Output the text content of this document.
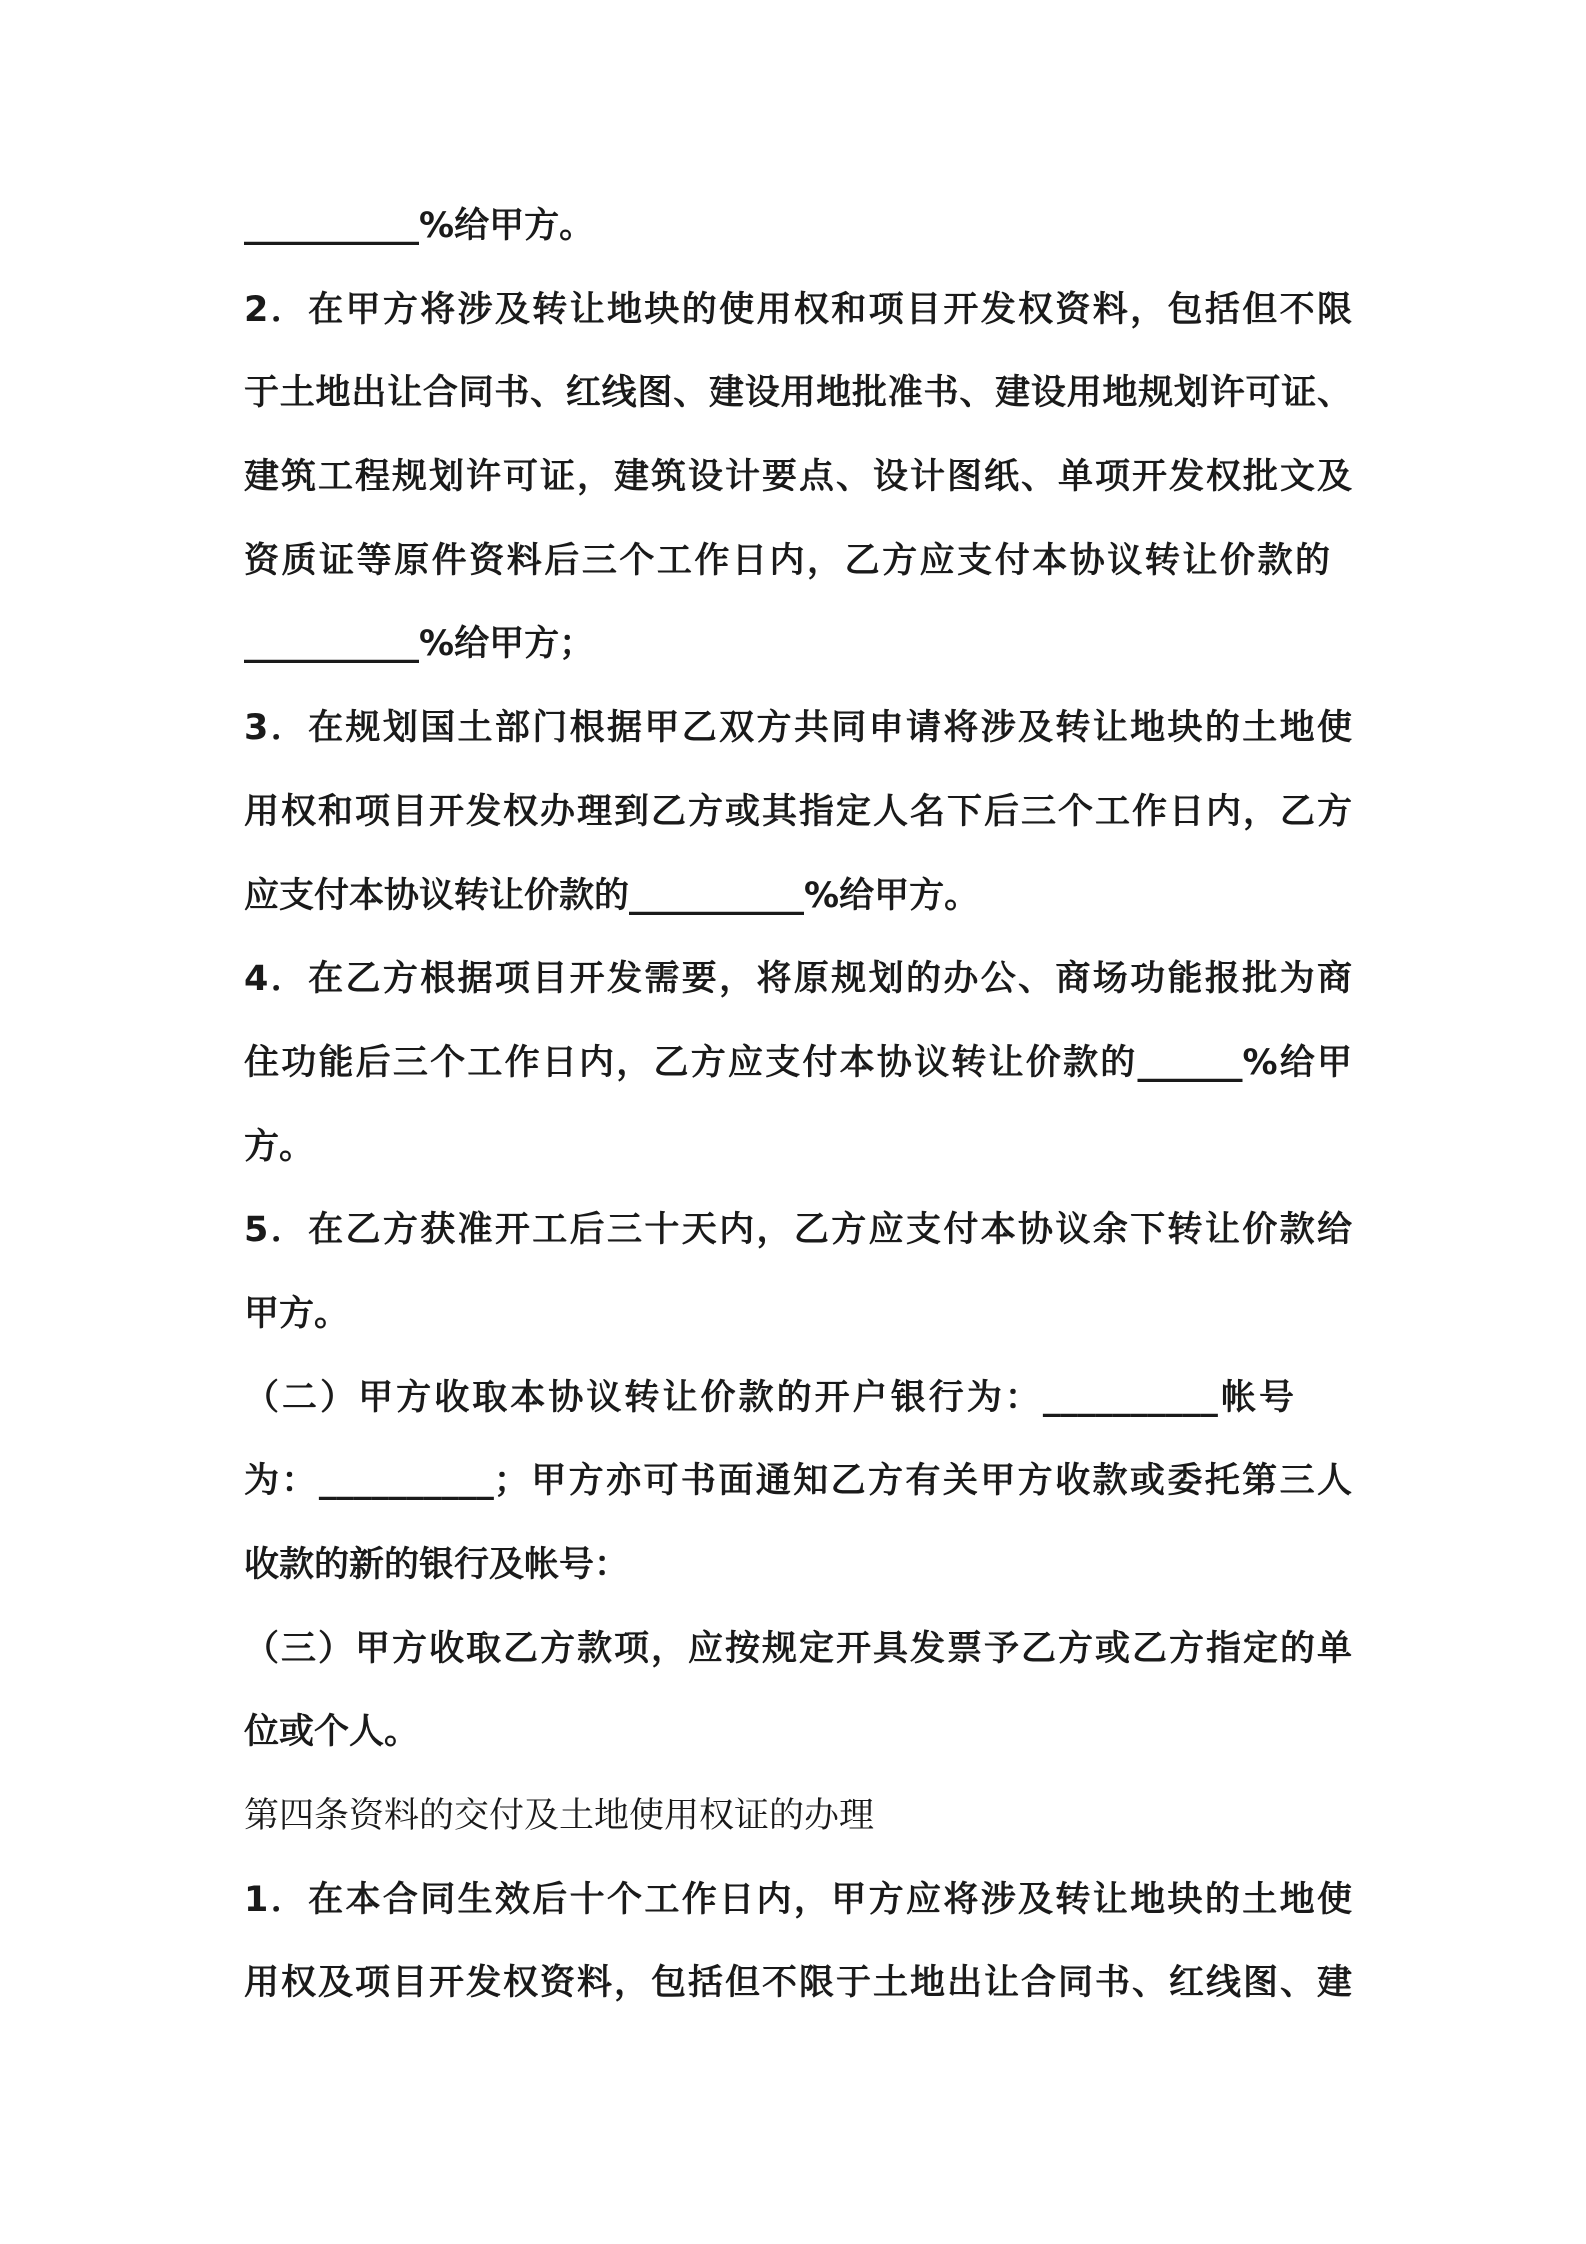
__________%给甲方。
2．在甲方将涉及转让地块的使用权和项目开发权资料，包括但不限
于土地出让合同书、红线图、建设用地批准书、建设用地规划许可证、
建筑工程规划许可证，建筑设计要点、设计图纸、单项开发权批文及
资质证等原件资料后三个工作日内，乙方应支付本协议转让价款的
__________%给甲方；
3．在规划国土部门根据甲乙双方共同申请将涉及转让地块的土地使
用权和项目开发权办理到乙方或其指定人名下后三个工作日内，乙方
应支付本协议转让价款的__________%给甲方。
4．在乙方根据项目开发需要，将原规划的办公、商场功能报批为商
住功能后三个工作日内，乙方应支付本协议转让价款的______%给甲
方。
5．在乙方获准开工后三十天内，乙方应支付本协议余下转让价款给
甲方。
（二）甲方收取本协议转让价款的开户银行为：__________帐号
为：__________；甲方亦可书面通知乙方有关甲方收款或委托第三人
收款的新的银行及帐号：
（三）甲方收取乙方款项，应按规定开具发票予乙方或乙方指定的单
位或个人。
第四条资料的交付及土地使用权证的办理
1．在本合同生效后十个工作日内，甲方应将涉及转让地块的土地使
用权及项目开发权资料，包括但不限于土地出让合同书、红线图、建
